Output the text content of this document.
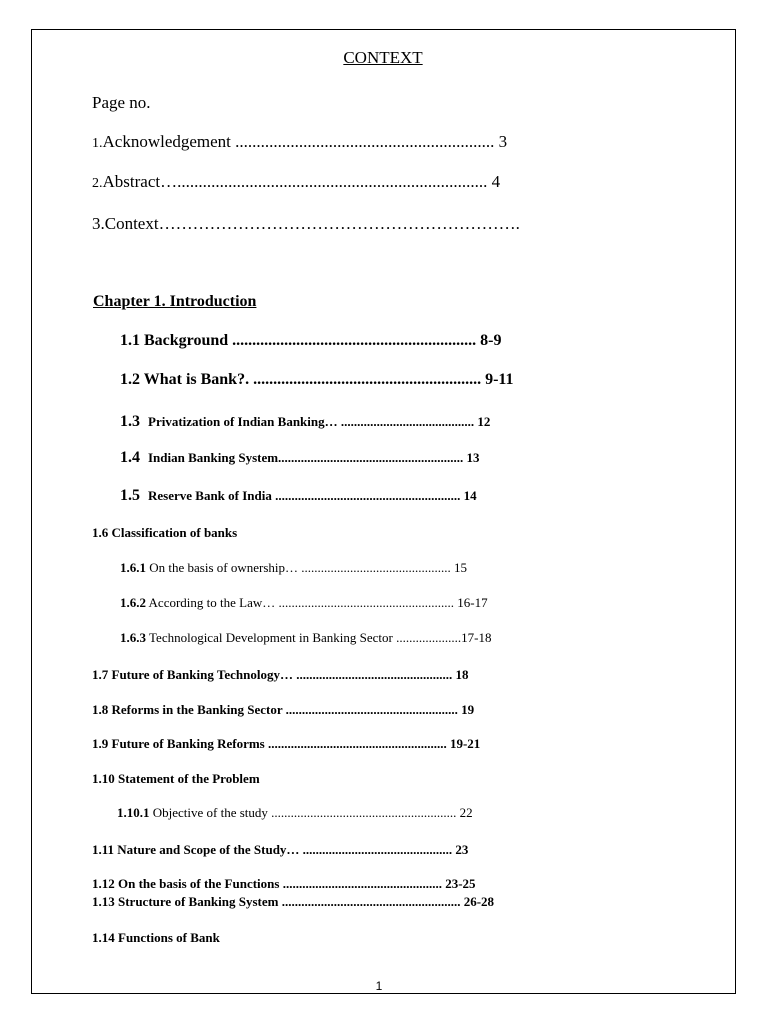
CONTEXT
Page no.
1.Acknowledgement ............................................................. 3
2.Abstract…......................................................................... 4
3.Context……………………………………………………….
Chapter 1. Introduction
1.1 Background ............................................................. 8-9
1.2 What is Bank?. ......................................................... 9-11
1.3 Privatization of Indian Banking… ......................................... 12
1.4 Indian Banking System......................................................... 13
1.5 Reserve Bank of India ......................................................... 14
1.6 Classification of banks
1.6.1 On the basis of ownership… .............................................. 15
1.6.2 According to the Law… ...................................................... 16-17
1.6.3 Technological Development in Banking Sector ....................17-18
1.7 Future of Banking Technology… ................................................ 18
1.8 Reforms in the Banking Sector ..................................................... 19
1.9 Future of Banking Reforms ....................................................... 19-21
1.10 Statement of the Problem
1.10.1 Objective of the study ......................................................... 22
1.11 Nature and Scope of the Study… .............................................. 23
1.12 On the basis of the Functions ................................................. 23-25
1.13 Structure of Banking System ....................................................... 26-28
1.14 Functions of Bank
1
